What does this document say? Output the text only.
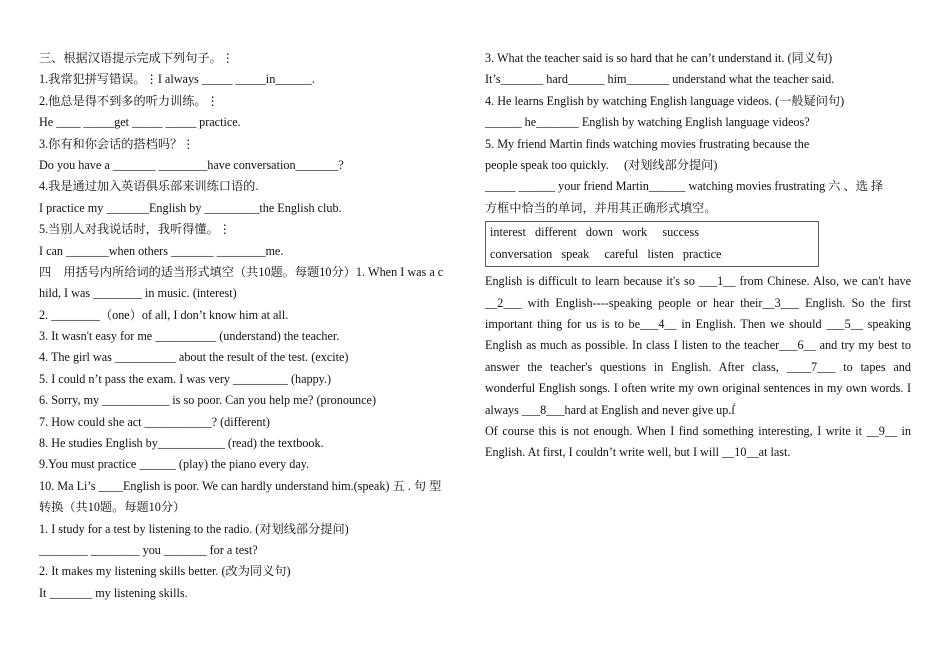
三、根据汉语提示完成下列句子。⋮
1.我常犯拼写错误。⋮I always _____ _____in______.
2.他总是得不到多的听力训练。⋮
He ____ _____get _____ _____ practice.
3.你有和你会话的搭档吗？⋮
Do you have a _______ ________have conversation_______?
4.我是通过加入英语俱乐部来训练口语的.
I practice my _______English by _________the English club.
5.当别人对我说话时，我听得懂。⋮
I can _______when others _______ ________me.
四　用括号内所给词的适当形式填空（共10题。每题10分）1. When I was a c
hild, I was ________ in music. (interest)
2. ________（one）of all, I don’t know him at all.
3. It wasn't easy for me __________ (understand) the teacher.
4. The girl was __________ about the result of the test. (excite)
5. I could n’t pass the exam. I was very _________ (happy.)
6. Sorry, my ___________ is so poor. Can you help me? (pronounce)
7. How could she act ___________? (different)
8. He studies English by___________ (read) the textbook.
9.You must practice ______ (play) the piano every day.
10. Ma Li’s ____English is poor. We can hardly understand him.(speak) 五 . 句 型
转换（共10题。每题10分）
1. I study for a test by listening to the radio. (对划线部分提问)
________ ________ you _______ for a test?
2. It makes my listening skills better. (改为同义句)
It _______ my listening skills.
3. What the teacher said is so hard that he can’t understand it. (同义句)
It’s_______ hard______ him_______ understand what the teacher said.
4. He learns English by watching English language videos. (一般疑问句)
______ he_______ English by watching English language videos?
5. My friend Martin finds watching movies frustrating because the
people speak too quickly.　 (对划线部分提问)
_____ ______ your friend Martin______ watching movies frustrating 六 、选 择
方框中恰当的单词，并用其正确形式填空。
interest   different   down   work     success
conversation   speak     careful   listen   practice
English is difficult to learn because it's so ___1__ from Chinese. Also, we can't have __2___ with English----speaking people or hear their__3___ English. So the first important thing for us is to be___4__ in English. Then we should ___5__ speaking English as much as possible. In class I listen to the teacher___6__ and try my best to answer the teacher's questions in English. After class, ____7___ to tapes and wonderful English songs. I often write my own original sentences in my own words. I always ___8___hard at English and never give up.ẛ
Of course this is not enough. When I find something interesting, I write it __9__ in English. At first, I couldn’t write well, but I will __10__at last.
